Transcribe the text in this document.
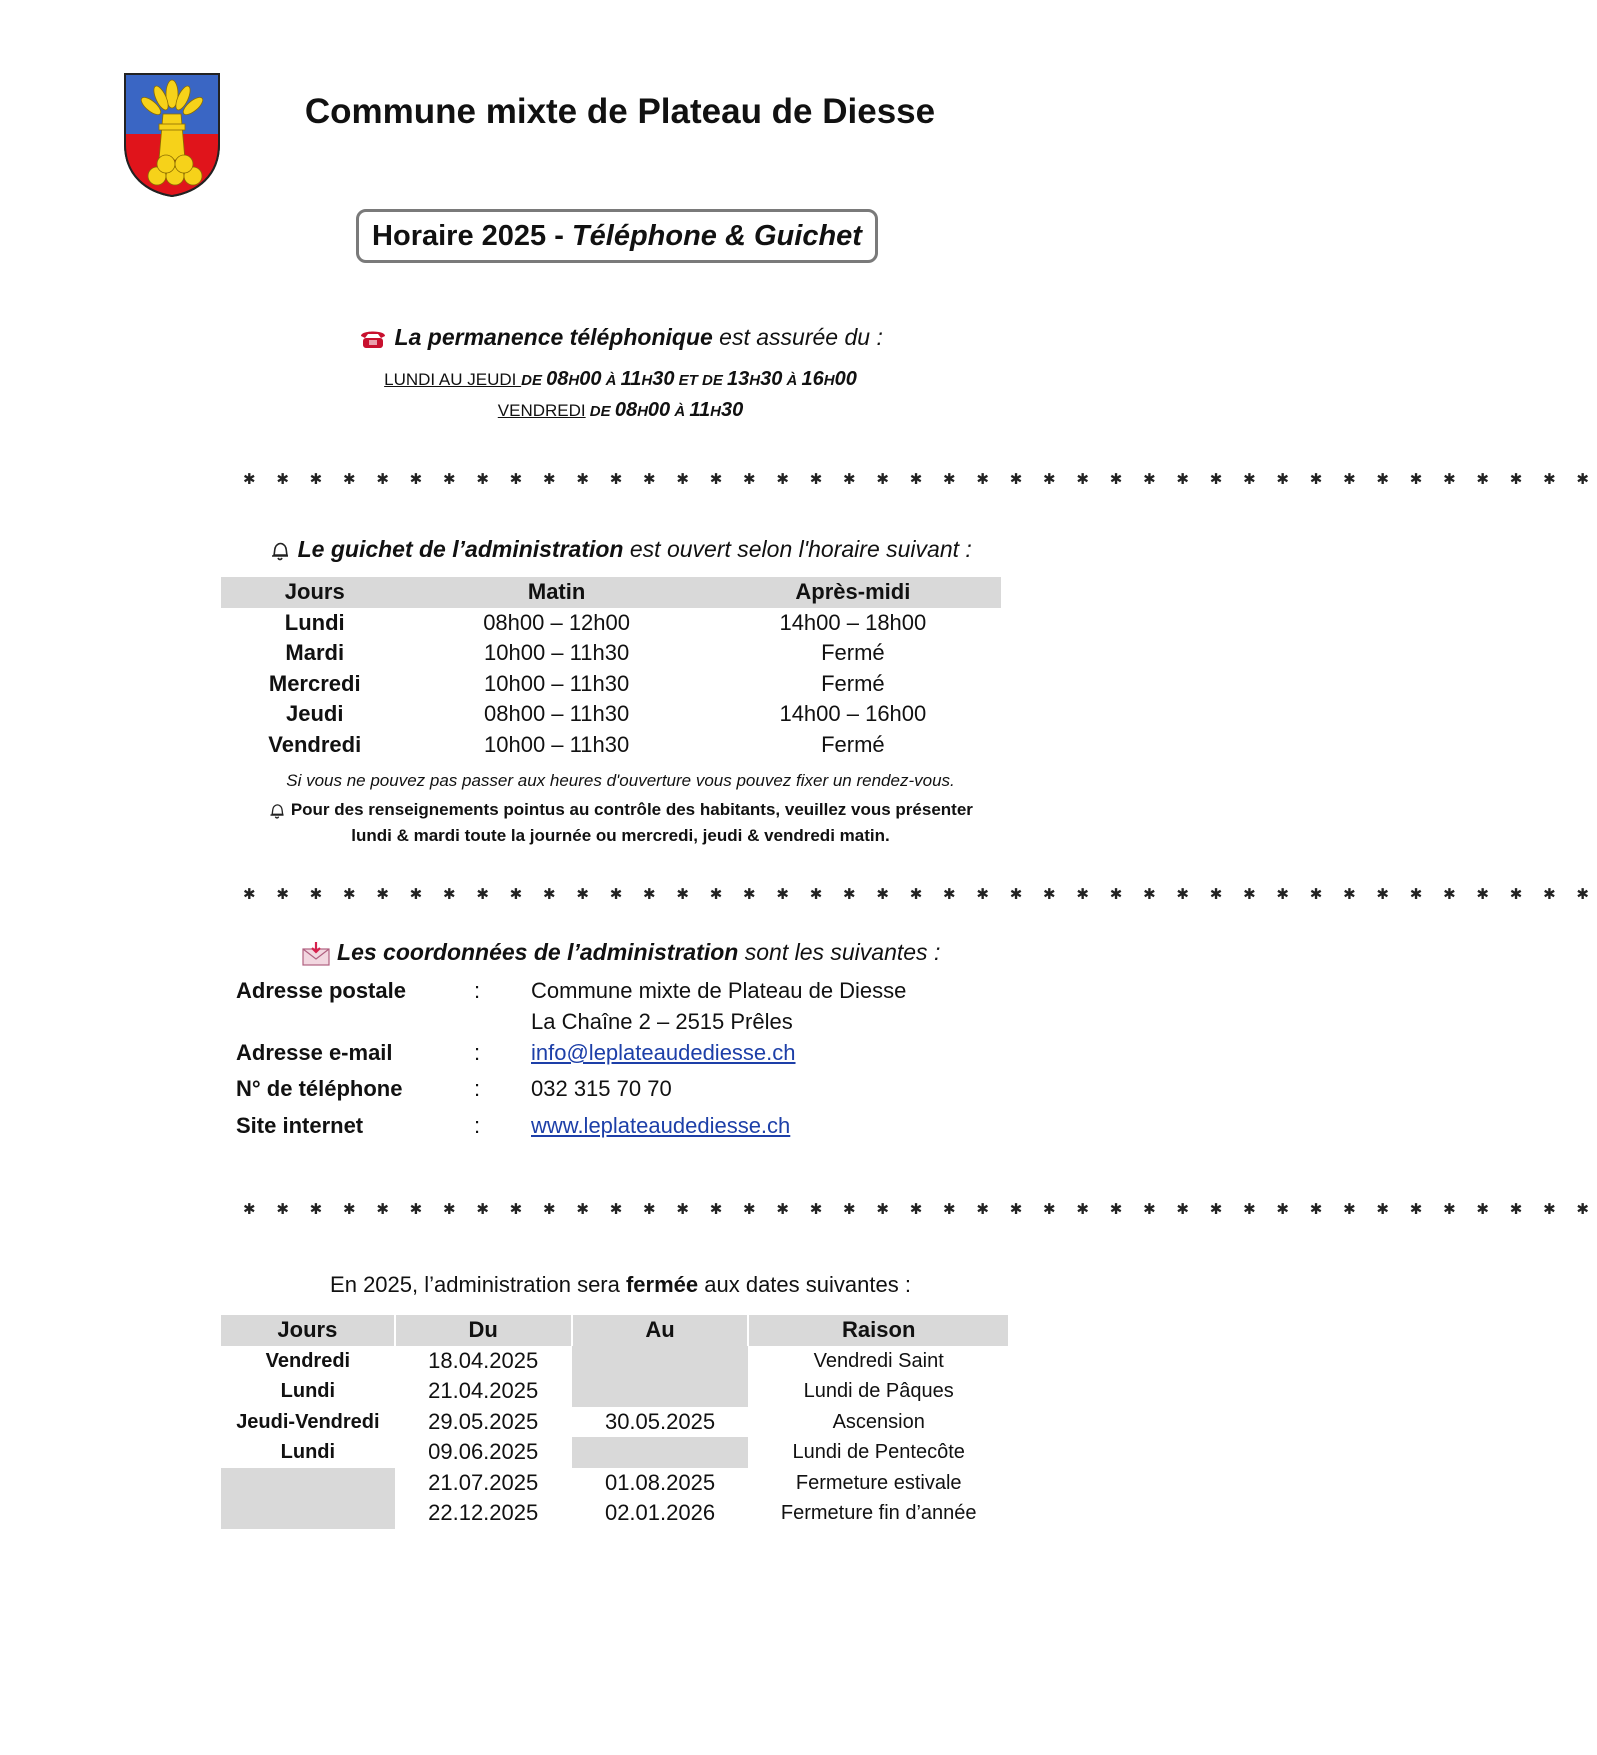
Commune mixte de Plateau de Diesse
Horaire 2025 - Téléphone & Guichet
La permanence téléphonique est assurée du :
LUNDI AU JEUDI DE 08H00 À 11H30 ET DE 13H30 À 16H00
VENDREDI DE 08H00 À 11H30
✱ ✱ ✱ ✱ ✱ ✱ ✱ ✱ ✱ ✱ ✱ ✱ ✱ ✱ ✱ ✱ ✱ ✱ ✱ ✱ ✱ ✱ ✱ ✱ ✱ ✱ ✱ ✱ ✱ ✱ ✱ ✱ ✱ ✱ ✱ ✱ ✱ ✱ ✱ ✱ ✱
Le guichet de l’administration est ouvert selon l'horaire suivant :
Jours	Matin	Après-midi
Lundi	08h00 – 12h00	14h00 – 18h00
Mardi	10h00 – 11h30	Fermé
Mercredi	10h00 – 11h30	Fermé
Jeudi	08h00 – 11h30	14h00 – 16h00
Vendredi	10h00 – 11h30	Fermé
Si vous ne pouvez pas passer aux heures d'ouverture vous pouvez fixer un rendez-vous.
Pour des renseignements pointus au contrôle des habitants, veuillez vous présenter
lundi & mardi toute la journée ou mercredi, jeudi & vendredi matin.
✱ ✱ ✱ ✱ ✱ ✱ ✱ ✱ ✱ ✱ ✱ ✱ ✱ ✱ ✱ ✱ ✱ ✱ ✱ ✱ ✱ ✱ ✱ ✱ ✱ ✱ ✱ ✱ ✱ ✱ ✱ ✱ ✱ ✱ ✱ ✱ ✱ ✱ ✱ ✱ ✱
Les coordonnées de l’administration sont les suivantes :
Adresse postale	:	Commune mixte de Plateau de Diesse
La Chaîne 2 – 2515 Prêles

Adresse e-mail	:	info@leplateaudediesse.ch
N° de téléphone	:	032 315 70 70
Site internet	:	www.leplateaudediesse.ch
✱ ✱ ✱ ✱ ✱ ✱ ✱ ✱ ✱ ✱ ✱ ✱ ✱ ✱ ✱ ✱ ✱ ✱ ✱ ✱ ✱ ✱ ✱ ✱ ✱ ✱ ✱ ✱ ✱ ✱ ✱ ✱ ✱ ✱ ✱ ✱ ✱ ✱ ✱ ✱ ✱
En 2025, l’administration sera fermée aux dates suivantes :
Jours	Du	Au	Raison
Vendredi	18.04.2025		Vendredi Saint
Lundi	21.04.2025		Lundi de Pâques
Jeudi-Vendredi	29.05.2025	30.05.2025	Ascension
Lundi	09.06.2025		Lundi de Pentecôte
	21.07.2025	01.08.2025	Fermeture estivale
	22.12.2025	02.01.2026	Fermeture fin d’année
